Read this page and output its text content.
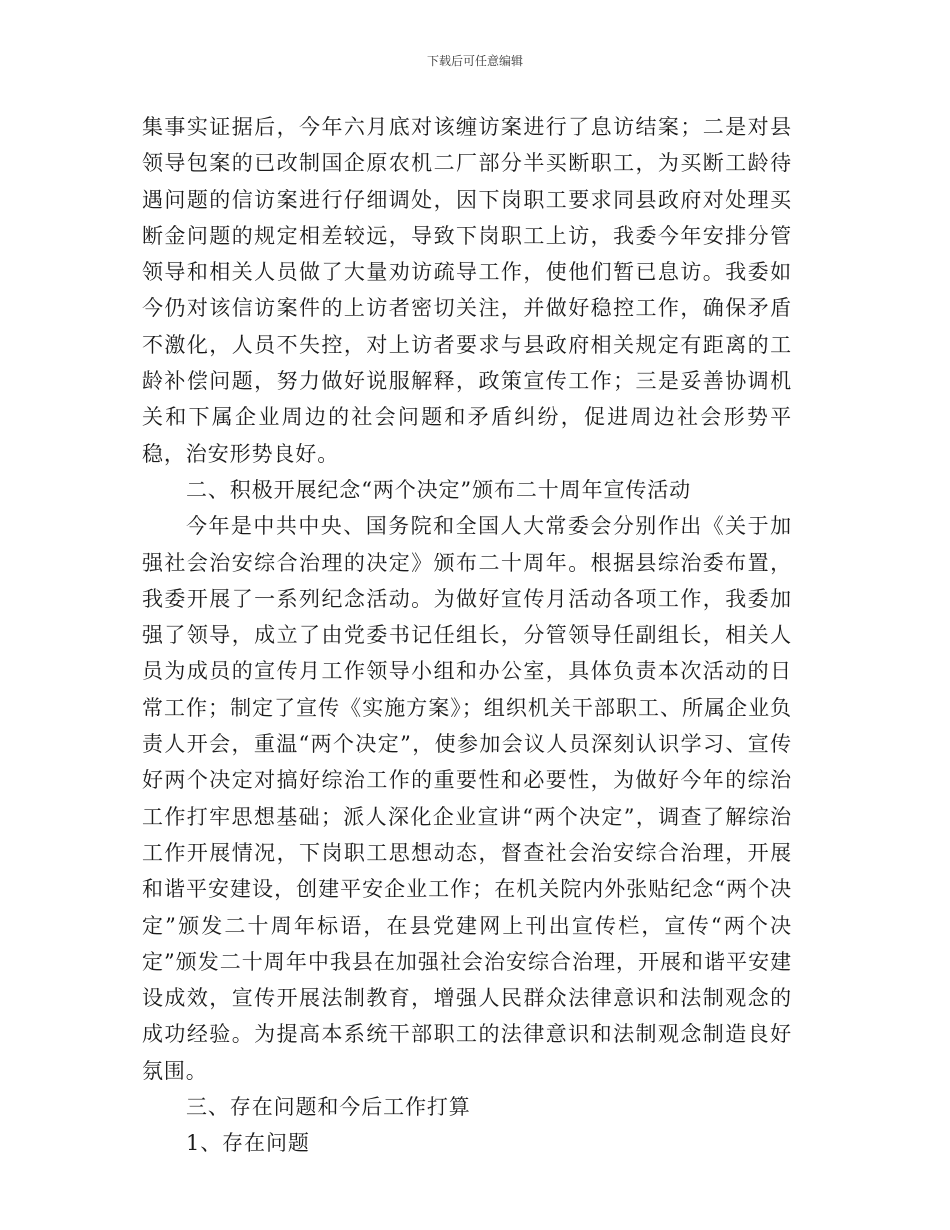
下载后可任意编辑

集事实证据后，今年六月底对该缠访案进行了息访结案；二是对县领导包案的已改制国企原农机二厂部分半买断职工，为买断工龄待遇问题的信访案进行仔细调处，因下岗职工要求同县政府对处理买断金问题的规定相差较远，导致下岗职工上访，我委今年安排分管领导和相关人员做了大量劝访疏导工作，使他们暂已息访。我委如今仍对该信访案件的上访者密切关注，并做好稳控工作，确保矛盾不激化，人员不失控，对上访者要求与县政府相关规定有距离的工龄补偿问题，努力做好说服解释，政策宣传工作；三是妥善协调机关和下属企业周边的社会问题和矛盾纠纷，促进周边社会形势平稳，治安形势良好。

二、积极开展纪念“两个决定”颁布二十周年宣传活动

今年是中共中央、国务院和全国人大常委会分别作出《关于加强社会治安综合治理的决定》颁布二十周年。根据县综治委布置，我委开展了一系列纪念活动。为做好宣传月活动各项工作，我委加强了领导，成立了由党委书记任组长，分管领导任副组长，相关人员为成员的宣传月工作领导小组和办公室，具体负责本次活动的日常工作；制定了宣传《实施方案》；组织机关干部职工、所属企业负责人开会，重温“两个决定”，使参加会议人员深刻认识学习、宣传好两个决定对搞好综治工作的重要性和必要性，为做好今年的综治工作打牢思想基础；派人深化企业宣讲“两个决定”，调查了解综治工作开展情况，下岗职工思想动态，督查社会治安综合治理，开展和谐平安建设，创建平安企业工作；在机关院内外张贴纪念“两个决定”颁发二十周年标语，在县党建网上刊出宣传栏，宣传“两个决定”颁发二十周年中我县在加强社会治安综合治理，开展和谐平安建设成效，宣传开展法制教育，增强人民群众法律意识和法制观念的成功经验。为提高本系统干部职工的法律意识和法制观念制造良好氛围。

三、存在问题和今后工作打算

1、存在问题
